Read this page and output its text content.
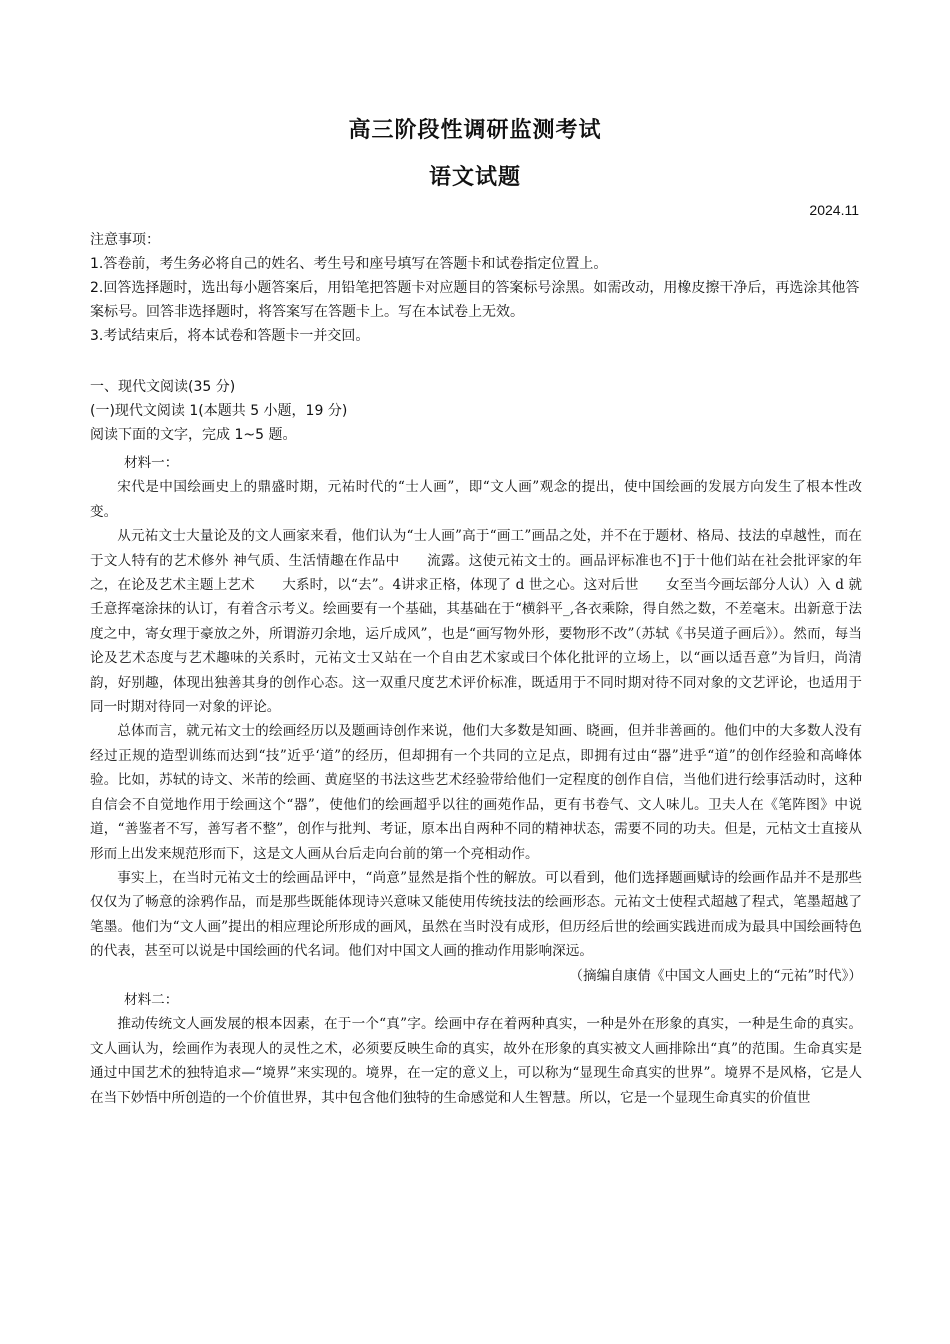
高三阶段性调研监测考试
语文试题
2024.11

注意事项：

1.答卷前，考生务必将自己的姓名、考生号和座号填写在答题卡和试卷指定位置上。

2.回答选择题时，选出每小题答案后，用铅笔把答题卡对应题目的答案标号涂黑。如需改动，用橡皮擦干净后，再选涂其他答案标号。回答非选择题时，将答案写在答题卡上。写在本试卷上无效。

3.考试结束后，将本试卷和答题卡一并交回。

一、现代文阅读(35 分)

(一)现代文阅读 1(本题共 5 小题，19 分)

阅读下面的文字，完成 1~5 题。

材料一：

宋代是中国绘画史上的鼎盛时期，元祐时代的“士人画”，即“文人画”观念的提出，使中国绘画的发展方向发生了根本性改变。

从元祐文士大量论及的文人画家来看，他们认为“士人画”高于“画工”画品之处，并不在于题材、格局、技法的卓越性，而在于文人特有的艺术修外 神气质、生活情趣在作品中　　流露。这使元祐文士的。画品评标准也不]于十他们站在社会批评家的年之，在论及艺术主题上艺术　　大系时，以“去”。4讲求正格，体现了 d 世之心。这对后世　　女至当今画坛部分人认）入 d 就壬意挥毫涂抹的认订，有着含示考义。绘画要有一个基础，其基础在于“横斜平_,各衣乘除，得自然之数，不差毫末。出新意于法度之中，寄女理于豪放之外，所谓游刃余地，运斤成风”，也是“画写物外形，要物形不改”（苏轼《书吴道子画后》）。然而，每当论及艺术态度与艺术趣味的关系时，元祐文士又站在一个自由艺术家或曰个体化批评的立场上，以“画以适吾意”为旨归，尚清韵，好别趣，体现出独善其身的创作心态。这一双重尺度艺术评价标准，既适用于不同时期对待不同对象的文艺评论，也适用于同一时期对待同一对象的评论。

总体而言，就元祐文士的绘画经历以及题画诗创作来说，他们大多数是知画、晓画，但并非善画的。他们中的大多数人没有经过正规的造型训练而达到“技”近乎‘道”的经历，但却拥有一个共同的立足点，即拥有过由“器”进乎“道”的创作经验和高峰体验。比如，苏轼的诗文、米芾的绘画、黄庭坚的书法这些艺术经验带给他们一定程度的创作自信，当他们进行绘事活动时，这种自信会不自觉地作用于绘画这个“器”，使他们的绘画超乎以往的画苑作品，更有书卷气、文人味儿。卫夫人在《笔阵图》中说道，“善鉴者不写，善写者不整”，创作与批判、考证，原本出自两种不同的精神状态，需要不同的功夫。但是，元枯文士直接从形而上出发来规范形而下，这是文人画从台后走向台前的第一个亮相动作。

事实上，在当时元祐文士的绘画品评中，“尚意”显然是指个性的解放。可以看到，他们选择题画赋诗的绘画作品并不是那些仅仅为了畅意的涂鸦作品，而是那些既能体现诗兴意味又能使用传统技法的绘画形态。元祐文士使程式超越了程式，笔墨超越了笔墨。他们为“文人画”提出的相应理论所形成的画风，虽然在当时没有成形，但历经后世的绘画实践进而成为最具中国绘画特色的代表，甚至可以说是中国绘画的代名词。他们对中国文人画的推动作用影响深远。

（摘编自康倩《中国文人画史上的“元祐”时代》）

材料二：

推动传统文人画发展的根本因素，在于一个“真”字。绘画中存在着两种真实，一种是外在形象的真实，一种是生命的真实。文人画认为，绘画作为表现人的灵性之术，必须要反映生命的真实，故外在形象的真实被文人画排除出“真”的范围。生命真实是通过中国艺术的独特追求—“境界”来实现的。境界，在一定的意义上，可以称为“显现生命真实的世界”。境界不是风格，它是人在当下妙悟中所创造的一个价值世界，其中包含他们独特的生命感觉和人生智慧。所以，它是一个显现生命真实的价值世
